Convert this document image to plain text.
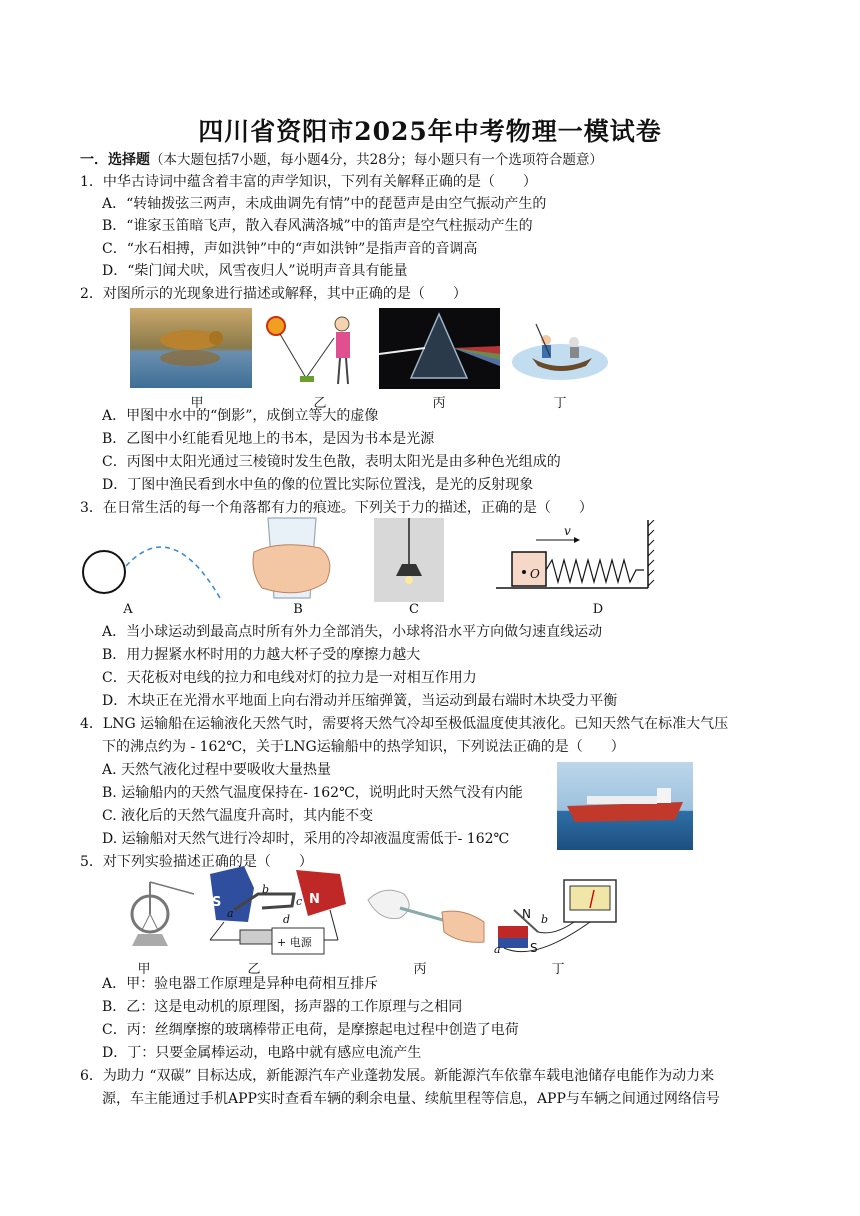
四川省资阳市2025年中考物理一模试卷
一．选择题（本大题包括7小题，每小题4分，共28分；每小题只有一个选项符合题意）
1．中华古诗词中蕴含着丰富的声学知识，下列有关解释正确的是（　　）
A．“转轴拨弦三两声，未成曲调先有情”中的琵琶声是由空气振动产生的
B．“谁家玉笛暗飞声，散入春风满洛城”中的笛声是空气柱振动产生的
C．“水石相搏，声如洪钟”中的“声如洪钟”是指声音的音调高
D．“柴门闻犬吠，风雪夜归人”说明声音具有能量
2．对图所示的光现象进行描述或解释，其中正确的是（　　）
甲	乙	丙	丁
A．甲图中水中的“倒影”，成倒立等大的虚像
B．乙图中小红能看见地上的书本，是因为书本是光源
C．丙图中太阳光通过三棱镜时发生色散，表明太阳光是由多种色光组成的
D．丁图中渔民看到水中鱼的像的位置比实际位置浅，是光的反射现象
3．在日常生活的每一个角落都有力的痕迹。下列关于力的描述，正确的是（　　）
v
O
A	B	C	D
A．当小球运动到最高点时所有外力全部消失，小球将沿水平方向做匀速直线运动
B．用力握紧水杯时用的力越大杯子受的摩擦力越大
C．天花板对电线的拉力和电线对灯的拉力是一对相互作用力
D．木块正在光滑水平地面上向右滑动并压缩弹簧，当运动到最右端时木块受力平衡
4．LNG 运输船在运输液化天然气时，需要将天然气冷却至极低温度使其液化。已知天然气在标准大气压
下的沸点约为 - 162℃，关于LNG运输船中的热学知识，下列说法正确的是（　　）
A. 天然气液化过程中要吸收大量热量
B. 运输船内的天然气温度保持在- 162℃，说明此时天然气没有内能
C. 液化后的天然气温度升高时，其内能不变
D. 运输船对天然气进行冷却时，采用的冷却液温度需低于- 162℃
5．对下列实验描述正确的是（　　）
S	N
a
b
c
d
+ 电源
N
S
a
b
甲	乙	丙	丁
A．甲：验电器工作原理是异种电荷相互排斥
B．乙：这是电动机的原理图，扬声器的工作原理与之相同
C．丙：丝绸摩擦的玻璃棒带正电荷，是摩擦起电过程中创造了电荷
D．丁：只要金属棒运动，电路中就有感应电流产生
6．为助力 “双碳” 目标达成，新能源汽车产业蓬勃发展。新能源汽车依靠车载电池储存电能作为动力来
源，车主能通过手机APP实时查看车辆的剩余电量、续航里程等信息，APP与车辆之间通过网络信号
